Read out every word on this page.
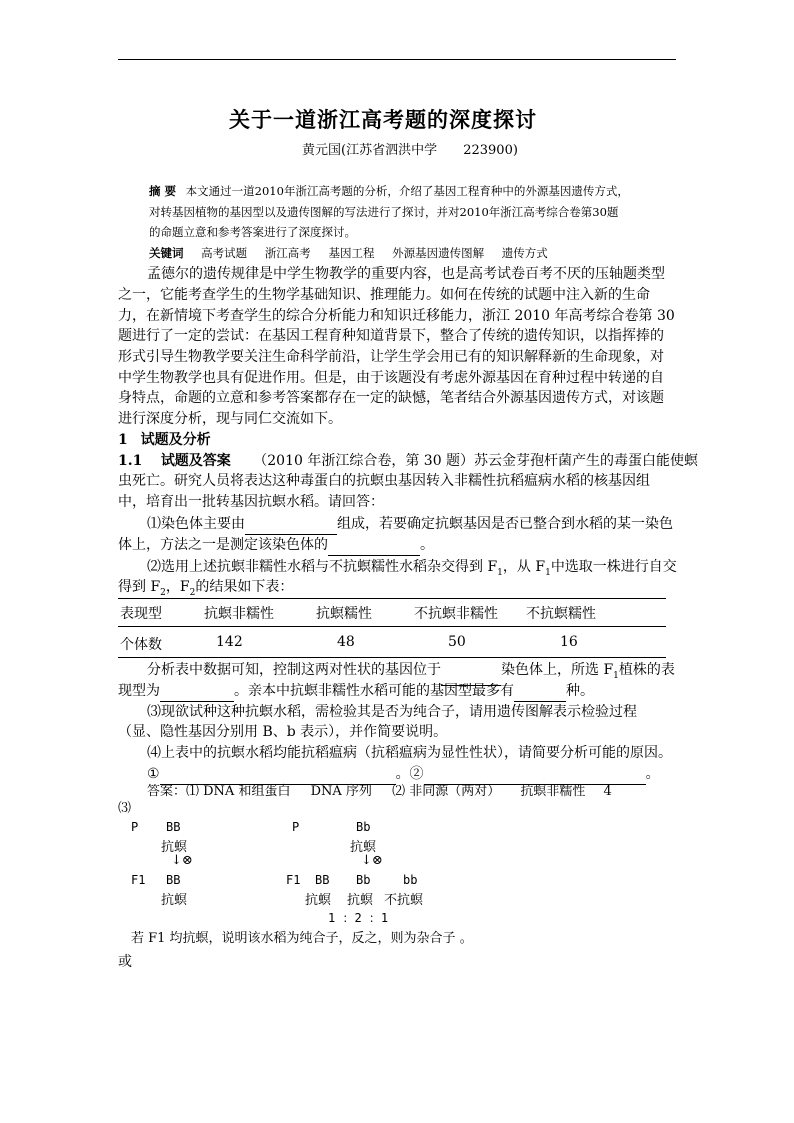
关于一道浙江高考题的深度探讨
黄元国(江苏省泗洪中学 223900)
摘 要 本文通过一道2010年浙江高考题的分析，介绍了基因工程育种中的外源基因遗传方式，
对转基因植物的基因型以及遗传图解的写法进行了探讨，并对2010年浙江高考综合卷第30题
的命题立意和参考答案进行了深度探讨。
关键词 高考试题 浙江高考 基因工程 外源基因遗传图解 遗传方式
孟德尔的遗传规律是中学生物教学的重要内容，也是高考试卷百考不厌的压轴题类型
之一，它能考查学生的生物学基础知识、推理能力。如何在传统的试题中注入新的生命
力，在新情境下考查学生的综合分析能力和知识迁移能力，浙江 2010 年高考综合卷第 30
题进行了一定的尝试：在基因工程育种知道背景下，整合了传统的遗传知识，以指挥捧的
形式引导生物教学要关注生命科学前沿，让学生学会用已有的知识解释新的生命现象，对
中学生物教学也具有促进作用。但是，由于该题没有考虑外源基因在育种过程中转递的自
身特点，命题的立意和参考答案都存在一定的缺憾，笔者结合外源基因遗传方式，对该题
进行深度分析，现与同仁交流如下。
1 试题及分析
1.1 试题及答案 （2010 年浙江综合卷，第 30 题）苏云金芽孢杆菌产生的毒蛋白能使螟
虫死亡。研究人员将表达这种毒蛋白的抗螟虫基因转入非糯性抗稻瘟病水稻的核基因组
中，培育出一批转基因抗螟水稻。请回答：
⑴染色体主要由	组成，若要确定抗螟基因是否已整合到水稻的某一染色
体上，方法之一是测定该染色体的	。
⑵选用上述抗螟非糯性水稻与不抗螟糯性水稻杂交得到 $F_1$，从 $F_1$中选取一株进行自交
得到 $F_2$，$F_2$的结果如下表：
表现型	抗螟非糯性	抗螟糯性	不抗螟非糯性 不抗螟糯性
个体数	142	48	50	16
分析表中数据可知，控制这两对性状的基因位于	染色体上，所选 $F_1$植株的表
现型为	。亲本中抗螟非糯性水稻可能的基因型最多有	种。
⑶现欲试种这种抗螟水稻，需检验其是否为纯合子，请用遗传图解表示检验过程
（显、隐性基因分别用 B、b 表示），并作简要说明。
⑷上表中的抗螟水稻均能抗稻瘟病（抗稻瘟病为显性性状），请简要分析可能的原因。
①	。②	。
答案：⑴ DNA 和组蛋白 DNA 序列 ⑵ 非同源（两对） 抗螟非糯性 4
⑶
P BB
抗螟
↓⊗
F1 BB
抗螟
P	Bb
抗螟
↓⊗
F1 BB Bb	bb
抗螟 抗螟 不抗螟
1 ：2 ：1
若 F1 均抗螟，说明该水稻为纯合子，反之，则为杂合子 。
或
